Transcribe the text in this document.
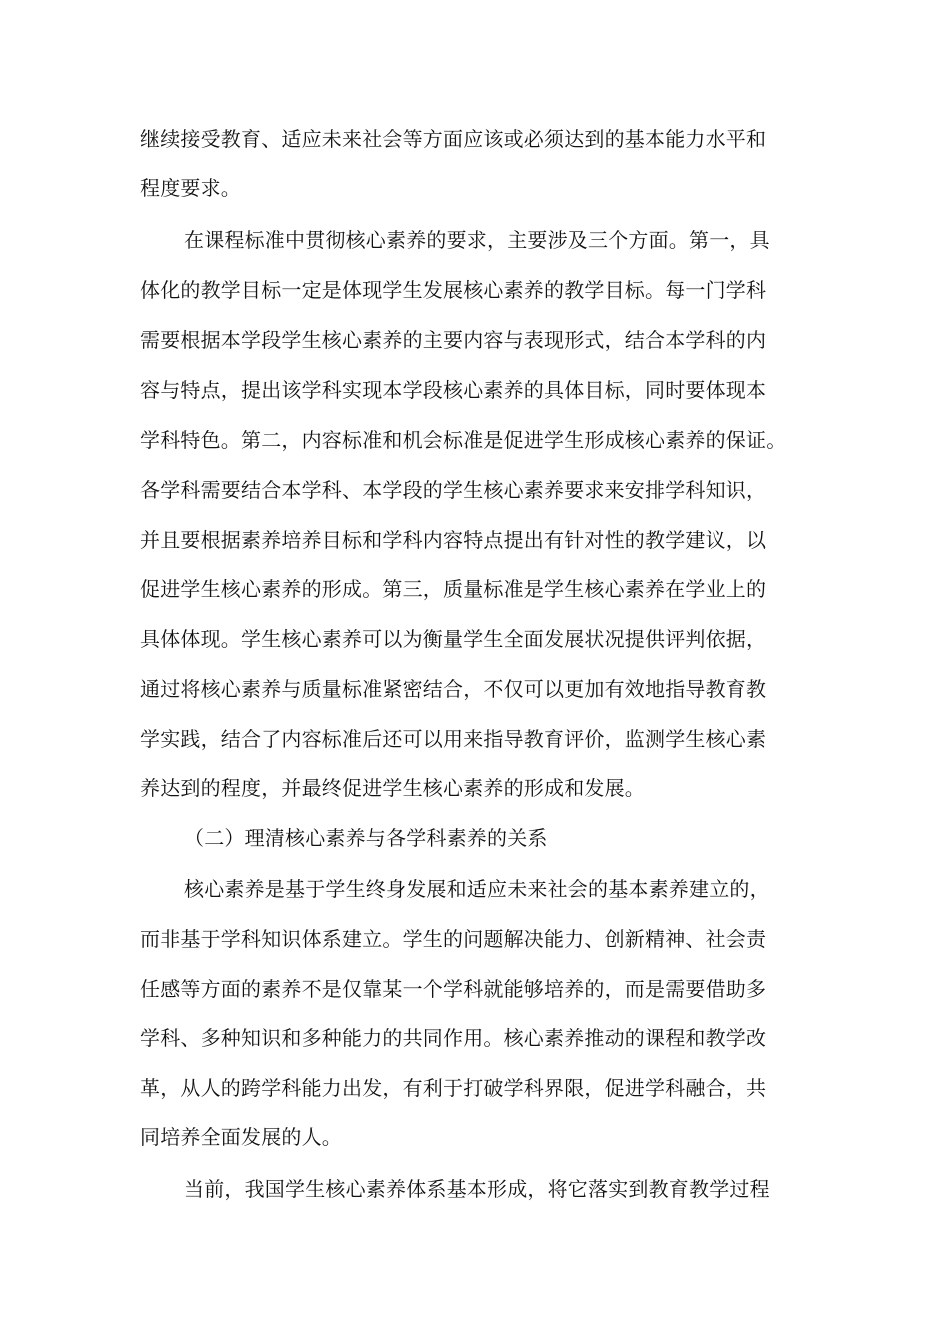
继续接受教育、适应未来社会等方面应该或必须达到的基本能力水平和
程度要求。
在课程标准中贯彻核心素养的要求，主要涉及三个方面。第一，具
体化的教学目标一定是体现学生发展核心素养的教学目标。每一门学科
需要根据本学段学生核心素养的主要内容与表现形式，结合本学科的内
容与特点，提出该学科实现本学段核心素养的具体目标，同时要体现本
学科特色。第二，内容标准和机会标准是促进学生形成核心素养的保证。
各学科需要结合本学科、本学段的学生核心素养要求来安排学科知识，
并且要根据素养培养目标和学科内容特点提出有针对性的教学建议，以
促进学生核心素养的形成。第三，质量标准是学生核心素养在学业上的
具体体现。学生核心素养可以为衡量学生全面发展状况提供评判依据，
通过将核心素养与质量标准紧密结合，不仅可以更加有效地指导教育教
学实践，结合了内容标准后还可以用来指导教育评价，监测学生核心素
养达到的程度，并最终促进学生核心素养的形成和发展。
（二）理清核心素养与各学科素养的关系
核心素养是基于学生终身发展和适应未来社会的基本素养建立的，
而非基于学科知识体系建立。学生的问题解决能力、创新精神、社会责
任感等方面的素养不是仅靠某一个学科就能够培养的，而是需要借助多
学科、多种知识和多种能力的共同作用。核心素养推动的课程和教学改
革，从人的跨学科能力出发，有利于打破学科界限，促进学科融合，共
同培养全面发展的人。
当前，我国学生核心素养体系基本形成，将它落实到教育教学过程
